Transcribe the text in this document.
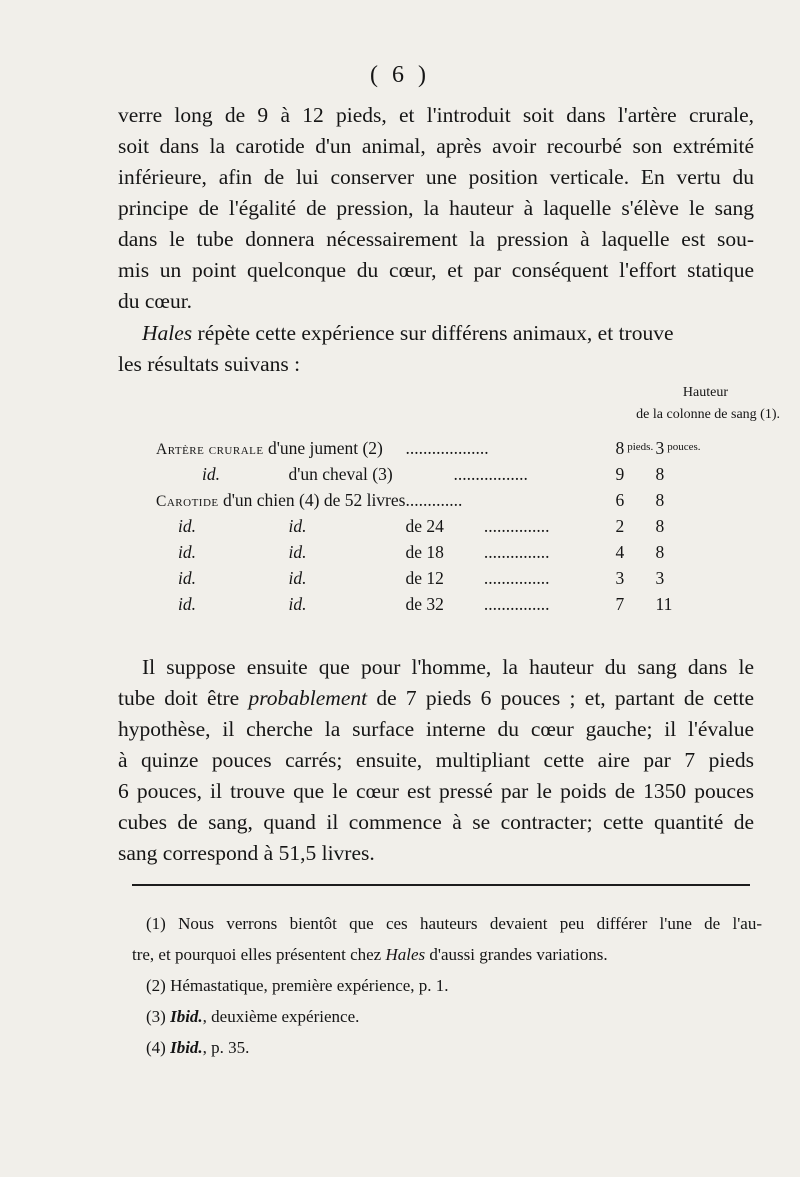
( 6 )
verre long de 9 à 12 pieds, et l'introduit soit dans l'artère crurale,
soit dans la carotide d'un animal, après avoir recourbé son extrémité
inférieure, afin de lui conserver une position verticale. En vertu du
principe de l'égalité de pression, la hauteur à laquelle s'élève le sang
dans le tube donnera nécessairement la pression à laquelle est sou-
mis un point quelconque du cœur, et par conséquent l'effort statique
du cœur.
Hales répète cette expérience sur différens animaux, et trouve
les résultats suivans :
Hauteur
de la colonne de sang (1).
Artère crurale d'une jument (2)		...................	8 $^{pieds.}$	3 $^{pouces.}$
id.	d'un cheval (3)	.................	9	8
Carotide d'un chien (4) de 52 livres		.............	6	8
id.	id.	de 24 ...............	2	8
id.	id.	de 18 ...............	4	8
id.	id.	de 12 ...............	3	3
id.	id.	de 32 ...............	7	11
Il suppose ensuite que pour l'homme, la hauteur du sang dans le
tube doit être probablement de 7 pieds 6 pouces ; et, partant de cette
hypothèse, il cherche la surface interne du cœur gauche; il l'évalue
à quinze pouces carrés; ensuite, multipliant cette aire par 7 pieds
6 pouces, il trouve que le cœur est pressé par le poids de 1350 pouces
cubes de sang, quand il commence à se contracter; cette quantité de
sang correspond à 51,5 livres.
(1) Nous verrons bientôt que ces hauteurs devaient peu différer l'une de l'au-
tre, et pourquoi elles présentent chez Hales d'aussi grandes variations.
(2) Hémastatique, première expérience, p. 1.
(3) Ibid., deuxième expérience.
(4) Ibid., p. 35.
